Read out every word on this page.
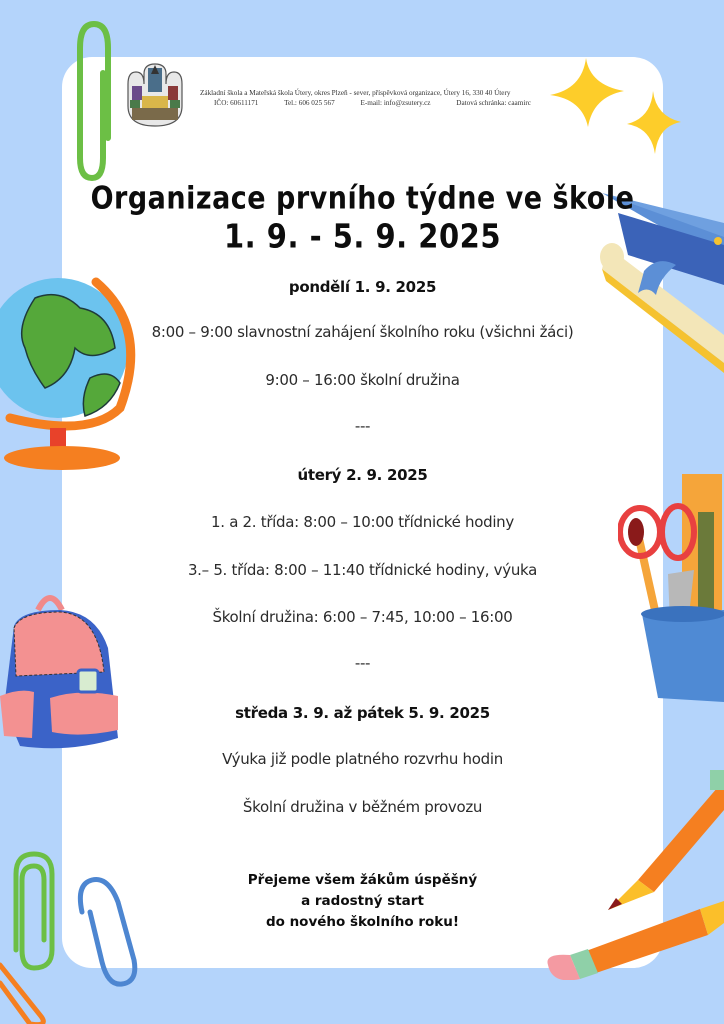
Základní škola a Mateřská škola Útery, okres Plzeň - sever, příspěvková organizace, Útery 16, 330 40 Útery
IČO: 60611171	Tel.: 606 025 567	E-mail: info@zsutery.cz	Datová schránka: caamirc
Organizace prvního týdne ve škole
1. 9. - 5. 9. 2025
pondělí 1. 9. 2025
8:00 – 9:00 slavnostní zahájení školního roku (všichni žáci)
9:00 – 16:00 školní družina
---
úterý 2. 9. 2025
1. a 2. třída: 8:00 – 10:00 třídnické hodiny
3.– 5. třída: 8:00 – 11:40 třídnické hodiny, výuka
Školní družina: 6:00 – 7:45, 10:00 – 16:00
---
středa 3. 9. až pátek 5. 9. 2025
Výuka již podle platného rozvrhu hodin
Školní družina v běžném provozu
Přejeme všem žákům úspěšný
a radostný start
do nového školního roku!
